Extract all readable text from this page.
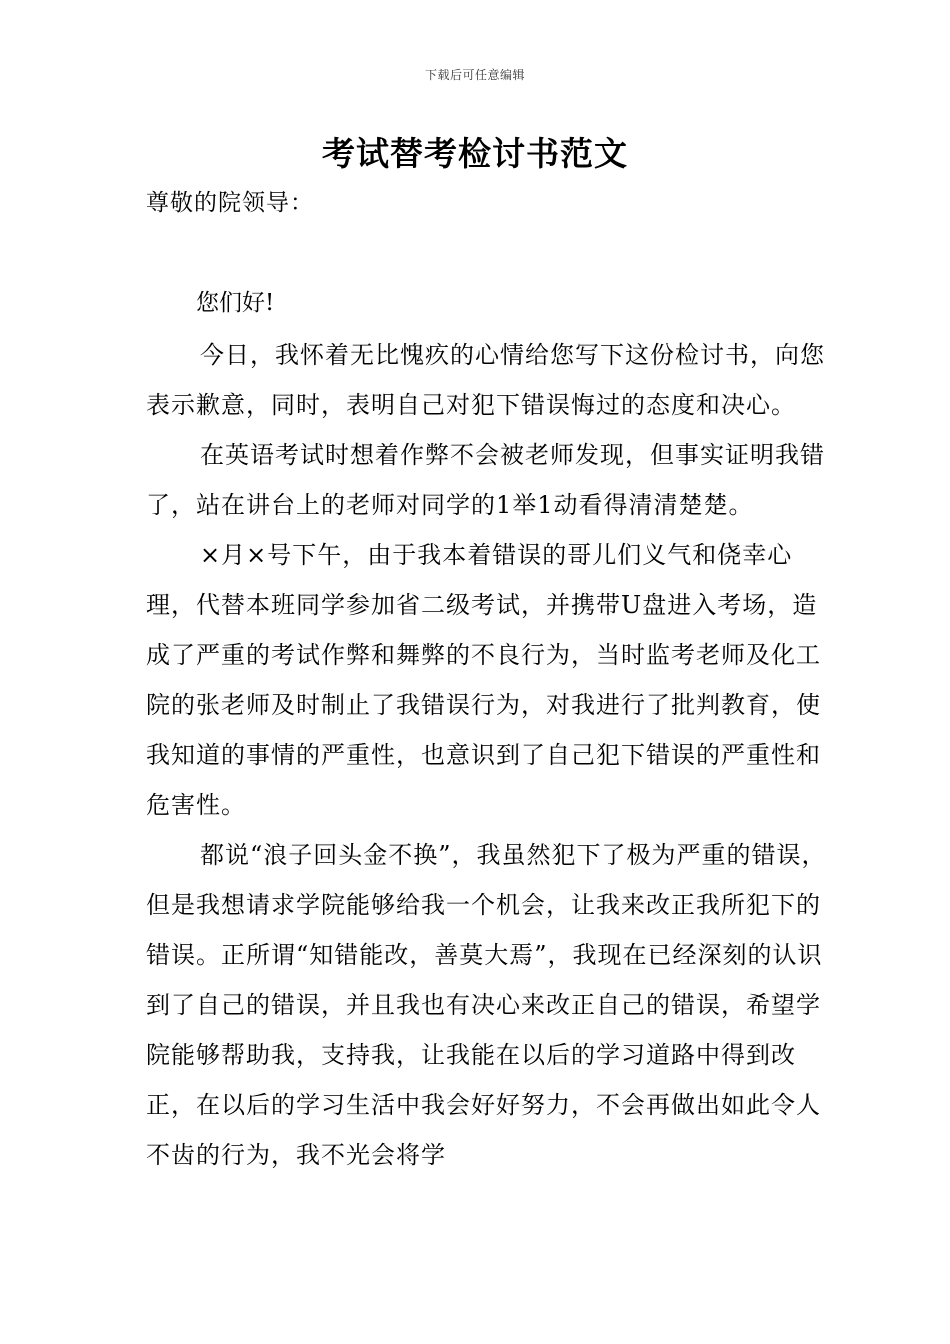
下载后可任意编辑
考试替考检讨书范文
尊敬的院领导：
您们好!

今日，我怀着无比愧疚的心情给您写下这份检讨书，向您表示歉意，同时，表明自己对犯下错误悔过的态度和决心。

在英语考试时想着作弊不会被老师发现，但事实证明我错了，站在讲台上的老师对同学的1举1动看得清清楚楚。

×月×号下午，由于我本着错误的哥儿们义气和侥幸心理，代替本班同学参加省二级考试，并携带U盘进入考场，造成了严重的考试作弊和舞弊的不良行为，当时监考老师及化工院的张老师及时制止了我错误行为，对我进行了批判教育，使我知道的事情的严重性，也意识到了自己犯下错误的严重性和危害性。

都说“浪子回头金不换”，我虽然犯下了极为严重的错误，但是我想请求学院能够给我一个机会，让我来改正我所犯下的错误。正所谓“知错能改，善莫大焉”，我现在已经深刻的认识到了自己的错误，并且我也有决心来改正自己的错误，希望学院能够帮助我，支持我，让我能在以后的学习道路中得到改正，在以后的学习生活中我会好好努力，不会再做出如此令人不齿的行为，我不光会将学
